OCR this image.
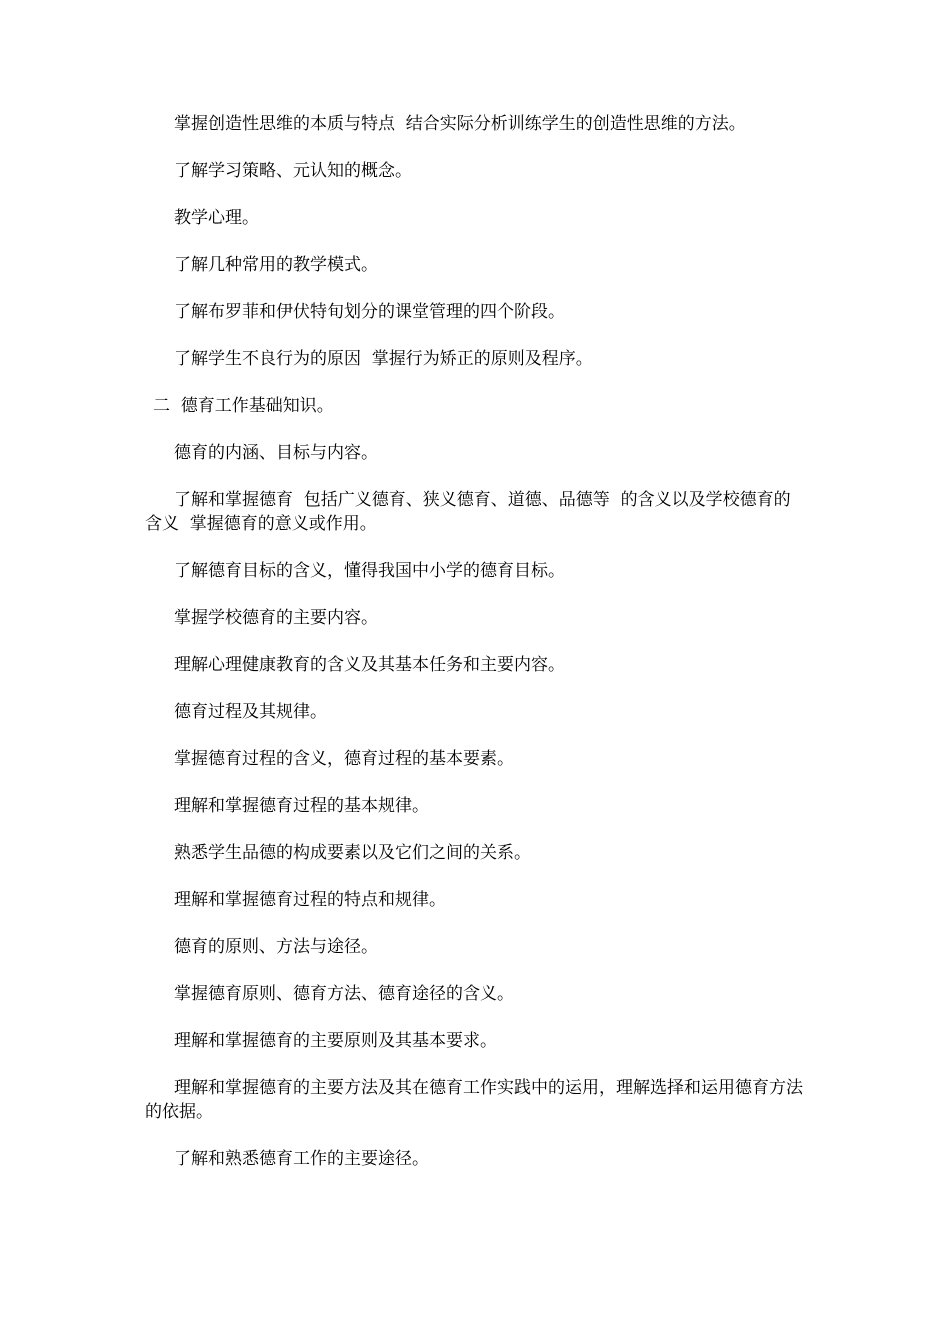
掌握创造性思维的本质与特点  结合实际分析训练学生的创造性思维的方法。

了解学习策略、元认知的概念。

教学心理。

了解几种常用的教学模式。

了解布罗菲和伊伏特旬划分的课堂管理的四个阶段。

了解学生不良行为的原因  掌握行为矫正的原则及程序。

二  德育工作基础知识。

德育的内涵、目标与内容。

了解和掌握德育  包括广义德育、狭义德育、道德、品德等  的含义以及学校德育的含义  掌握德育的意义或作用。

了解德育目标的含义，懂得我国中小学的德育目标。

掌握学校德育的主要内容。

理解心理健康教育的含义及其基本任务和主要内容。

德育过程及其规律。

掌握德育过程的含义，德育过程的基本要素。

理解和掌握德育过程的基本规律。

熟悉学生品德的构成要素以及它们之间的关系。

理解和掌握德育过程的特点和规律。

德育的原则、方法与途径。

掌握德育原则、德育方法、德育途径的含义。

理解和掌握德育的主要原则及其基本要求。

理解和掌握德育的主要方法及其在德育工作实践中的运用，理解选择和运用德育方法的依据。

了解和熟悉德育工作的主要途径。
